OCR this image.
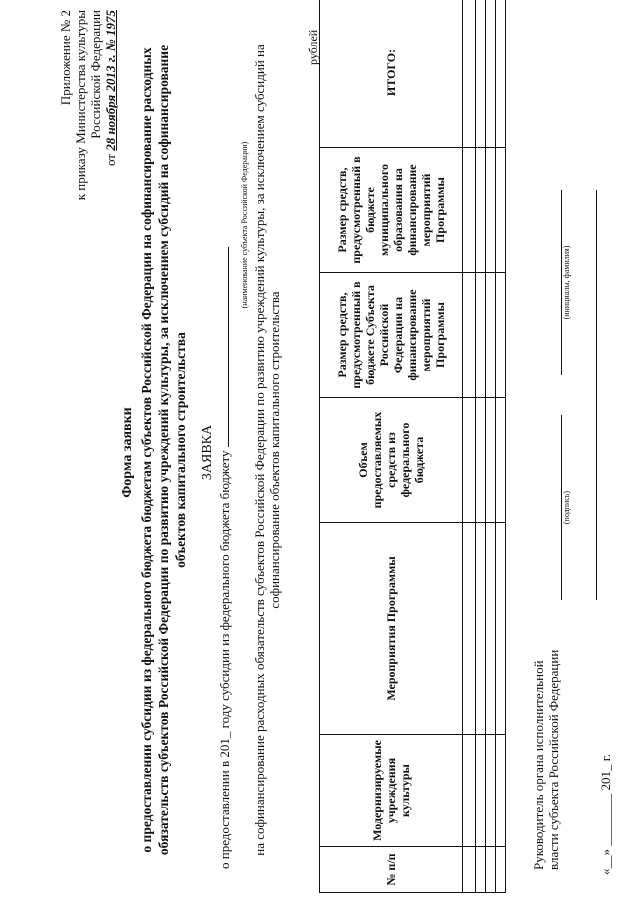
Приложение № 2 к приказу Министерства культуры Российской Федерации
от 28 ноября 2013 г. № 1975
Форма заявки о предоставлении субсидии из федерального бюджета бюджетам субъектов Российской Федерации на софинансирование расходных обязательств субъектов Российской Федерации по развитию учреждений культуры, за исключением субсидий на софинансирование объектов капитального строительства ЗАЯВКА о предоставлении в 201_ году субсидии из федерального бюджета бюджету
(наименование субъекта Российской Федерации) на софинансирование расходных обязательств субъектов Российской Федерации по развитию учреждений культуры, за исключением субсидий на софинансирование объектов капитального строительства
рублей
№ п/п	Модернизируемые учреждения культуры	Мероприятия Программы	Объем предоставляемых средств из федерального бюджета	Размер средств, предусмотренный в бюджете Субъекта Российской Федерации на финансирование мероприятий Программы	Размер средств, предусмотренный в бюджете муниципального образования на финансирование мероприятий Программы	ИТОГО:

Руководитель органа исполнительной власти субъекта Российской Федерации
(подпись)
(инициалы, фамилия)
«__» ________ 201_ г.
